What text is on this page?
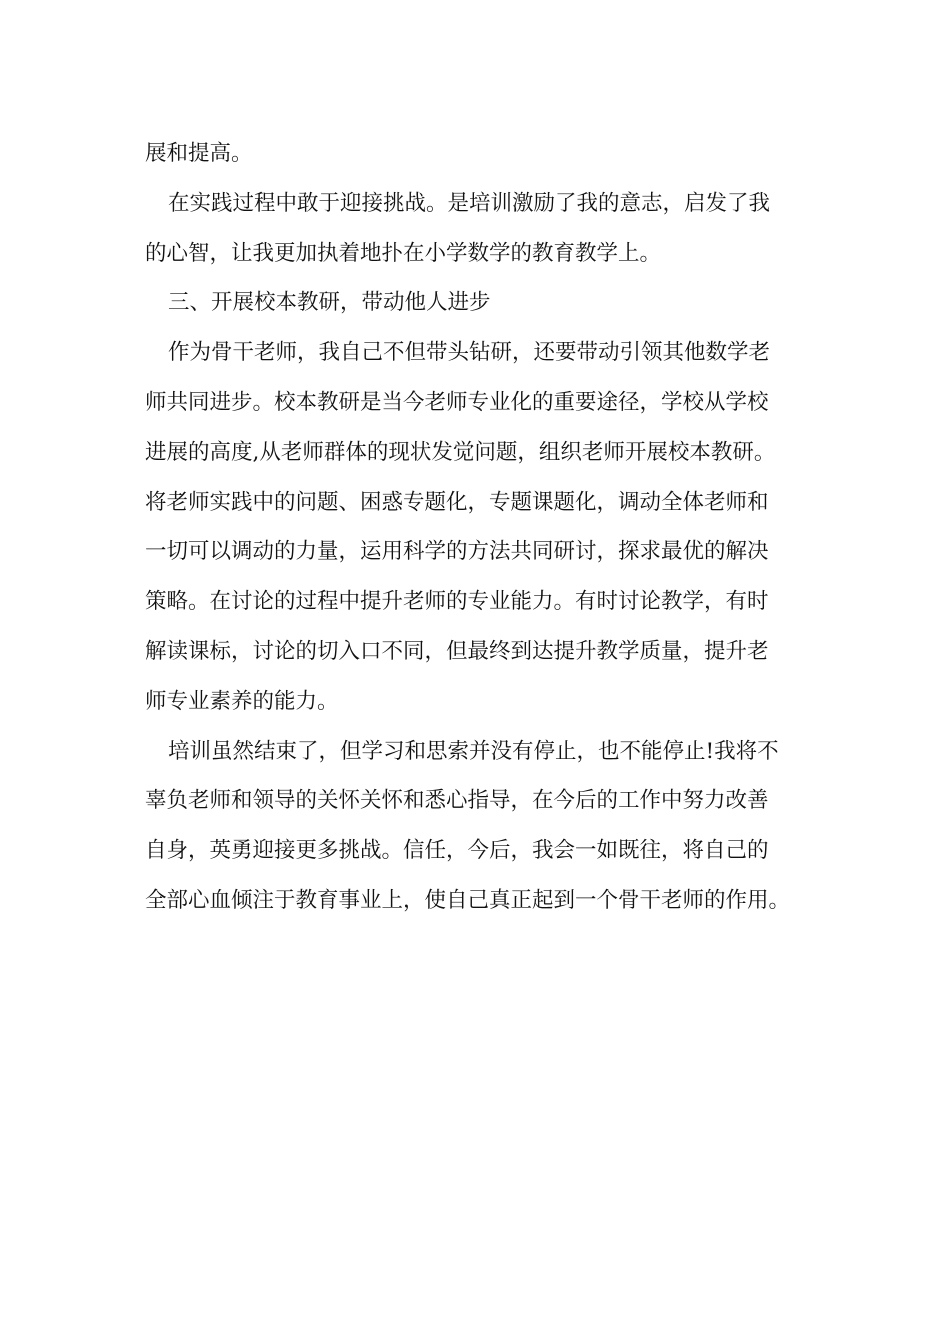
展和提高。
在实践过程中敢于迎接挑战。是培训激励了我的意志，启发了我
的心智，让我更加执着地扑在小学数学的教育教学上。
三、开展校本教研，带动他人进步
作为骨干老师，我自己不但带头钻研，还要带动引领其他数学老
师共同进步。校本教研是当今老师专业化的重要途径，学校从学校
进展的高度,从老师群体的现状发觉问题，组织老师开展校本教研。
将老师实践中的问题、困惑专题化，专题课题化，调动全体老师和
一切可以调动的力量，运用科学的方法共同研讨，探求最优的解决
策略。在讨论的过程中提升老师的专业能力。有时讨论教学，有时
解读课标，讨论的切入口不同，但最终到达提升教学质量，提升老
师专业素养的能力。
培训虽然结束了，但学习和思索并没有停止，也不能停止!我将不
辜负老师和领导的关怀关怀和悉心指导，在今后的工作中努力改善
自身，英勇迎接更多挑战。信任，今后，我会一如既往，将自己的
全部心血倾注于教育事业上，使自己真正起到一个骨干老师的作用。
